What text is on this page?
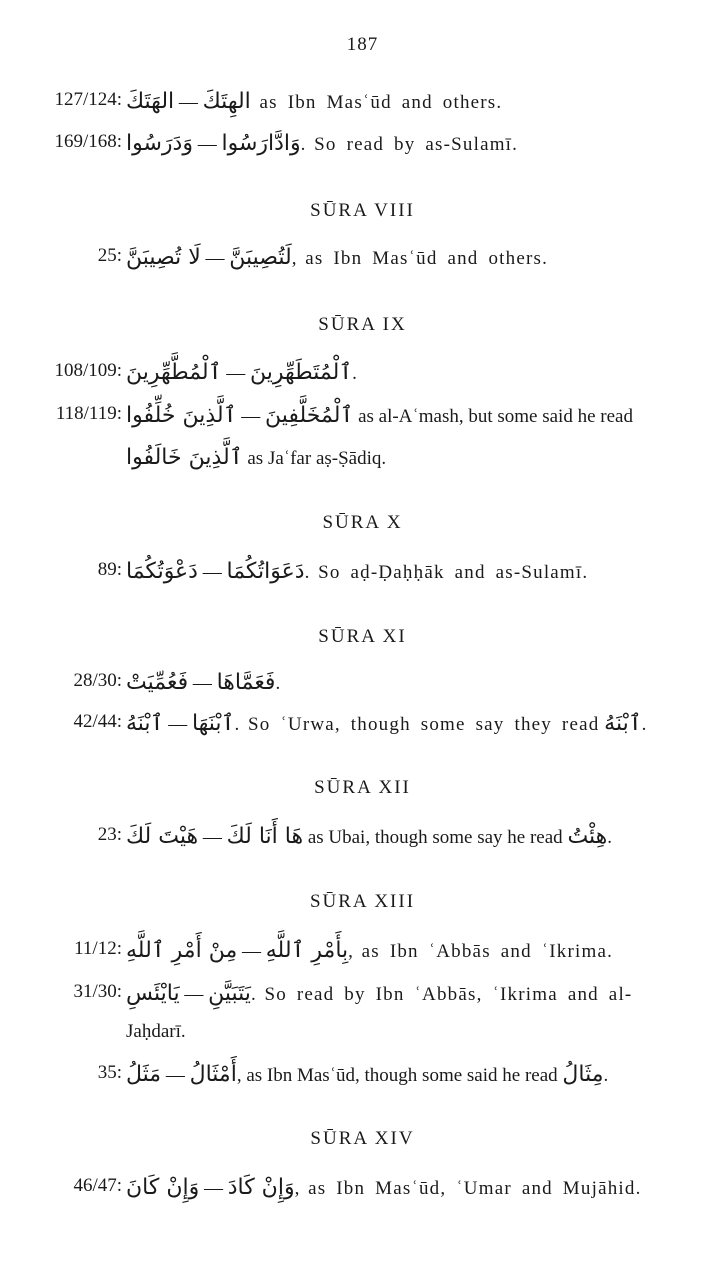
187
127/124: الهَتَكَ — الهِتَكَ as Ibn Masʿūd and others.
169/168: وَدَرَسُوا — وَادَّارَسُوا. So read by as-Sulamī.
SŪRA VIII
25: لَا تُصِيبَنَّ — لَتُصِيبَنَّ, as Ibn Masʿūd and others.
SŪRA IX
108/109: ٱلْمُطَّهِّرِينَ — ٱلْمُتَطَهِّرِينَ.
118/119: ٱلَّذِينَ خُلِّفُوا — ٱلْمُخَلَّفِينَ as al-Aʿmash, but some said he read
ٱلَّذِينَ خَالَفُوا as Jaʿfar aṣ-Ṣādiq.
SŪRA X
89: دَعْوَتُكُمَا — دَعَوَاتُكُمَا. So aḍ-Ḍaḥḥāk and as-Sulamī.
SŪRA XI
28/30: فَعُمِّيَتْ — فَعَمَّاهَا.
42/44: ٱبْنَهُ — ٱبْنَهَا. So ʿUrwa, though some say they read ٱبْنَهُ.
SŪRA XII
23: هَيْتَ لَكَ — هَا أَنَا لَكَ as Ubai, though some say he read هِئْتُ.
SŪRA XIII
11/12: مِنْ أَمْرِ ٱللَّهِ — بِأَمْرِ ٱللَّهِ, as Ibn ʿAbbās and ʿIkrima.
31/30: يَايْئَسِ — يَتَبَيَّنِ. So read by Ibn ʿAbbās, ʿIkrima and al-
Jaḥdarī.
35: مَثَلُ — أَمْثَالُ, as Ibn Masʿūd, though some said he read مِثَالُ.
SŪRA XIV
46/47: وَإِنْ كَانَ — وَإِنْ كَادَ, as Ibn Masʿūd, ʿUmar and Mujāhid.
